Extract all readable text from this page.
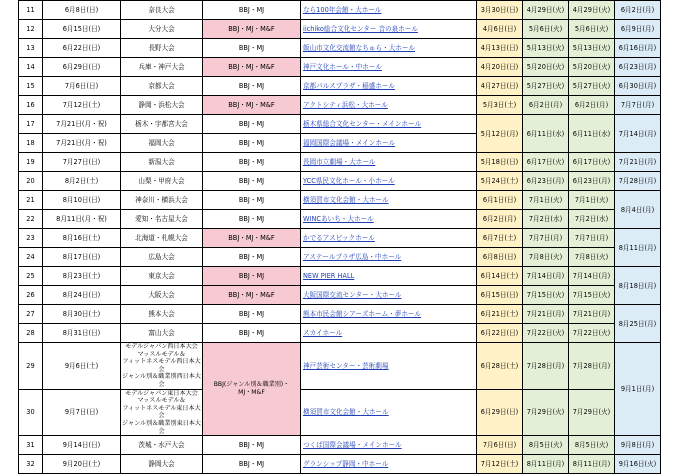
11	6月8日(日)	奈良大会	BBJ・MJ	なら100年会館・大ホール	3月30日(日)	4月29日(火)	4月29日(火)	6月2日(月)
12	6月15日(日)	大分大会	BBJ・MJ・M&F	iichiko総合文化センター 音の泉ホール	4月6日(日)	5月6日(火)	5月6日(火)	6月9日(月)
13	6月22日(日)	長野大会	BBJ・MJ	飯山市文化交流館なちゅら・大ホール	4月13日(日)	5月13日(火)	5月13日(火)	6月16日(月)
14	6月29日(日)	兵庫・神戸大会	BBJ・MJ・M&F	神戸文化ホール・中ホール	4月20日(日)	5月20日(火)	5月20日(火)	6月23日(月)
15	7月6日(日)	京都大会	BBJ・MJ	京都パルスプラザ・稲盛ホール	4月27日(日)	5月27日(火)	5月27日(火)	6月30日(月)
16	7月12日(土)	静岡・浜松大会	BBJ・MJ・M&F	アクトシティ浜松・大ホール	5月3日(土)	6月2日(月)	6月2日(月)	7月7日(月)
17	7月21日(月・祝)	栃木・宇都宮大会	BBJ・MJ	栃木県総合文化センター・メインホール	5月12日(月)	6月11日(水)	6月11日(水)	7月14日(月)
18	7月21日(月・祝)	福岡大会	BBJ・MJ	福岡国際会議場・メインホール				
19	7月27日(日)	新潟大会	BBJ・MJ	長岡市立劇場・大ホール	5月18日(日)	6月17日(火)	6月17日(火)	7月21日(月)
20	8月2日(土)	山梨・甲府大会	BBJ・MJ	YCC県民文化ホール・小ホール	5月24日(土)	6月23日(月)	6月23日(月)	7月28日(月)
21	8月10日(日)	神奈川・横浜大会	BBJ・MJ	横須賀市文化会館・大ホール	6月1日(日)	7月1日(火)	7月1日(火)	8月4日(月)
22	8月11日(月・祝)	愛知・名古屋大会	BBJ・MJ	WINCあいち・大ホール	6月2日(月)	7月2日(水)	7月2日(水)	
23	8月16日(土)	北海道・札幌大会	BBJ・MJ・M&F	かでるアスビックホール	6月7日(土)	7月7日(月)	7月7日(月)	8月11日(月)
24	8月17日(日)	広島大会	BBJ・MJ	アステールプラザ広島・中ホール	6月8日(日)	7月8日(火)	7月8日(火)	
25	8月23日(土)	東京大会	BBJ・MJ	NEW PIER HALL	6月14日(土)	7月14日(月)	7月14日(月)	8月18日(月)
26	8月24日(日)	大阪大会	BBJ・MJ・M&F	大阪国際交流センター・大ホール	6月15日(日)	7月15日(火)	7月15日(火)	
27	8月30日(土)	熊本大会	BBJ・MJ	熊本市民会館シアーズホーム・夢ホール	6月21日(土)	7月21日(月)	7月21日(月)	8月25日(月)
28	8月31日(日)	富山大会	BBJ・MJ	スカイホール	6月22日(日)	7月22日(火)	7月22日(火)	
29	9月6日(土)	モデルジャパン西日本大会
マッスルモデル＆
フィットネスモデル西日本大会
ジャンル別＆職業別西日本大会	BBJ(ジャンル別＆職業別)・
MJ・M&F	神戸芸術センター・芸術劇場	6月28日(土)	7月28日(月)	7月28日(月)	9月1日(月)
30	9月7日(日)	モデルジャパン東日本大会
マッスルモデル＆
フィットネスモデル東日本大会
ジャンル別＆職業別東日本大会		横須賀市文化会館・大ホール	6月29日(日)	7月29日(火)	7月29日(火)	
31	9月14日(日)	茨城・水戸大会	BBJ・MJ	つくば国際会議場・メインホール	7月6日(日)	8月5日(火)	8月5日(火)	9月8日(月)
32	9月20日(土)	静岡大会	BBJ・MJ	グランシップ静岡・中ホール	7月12日(土)	8月11日(月)	8月11日(月)	9月16日(火)
